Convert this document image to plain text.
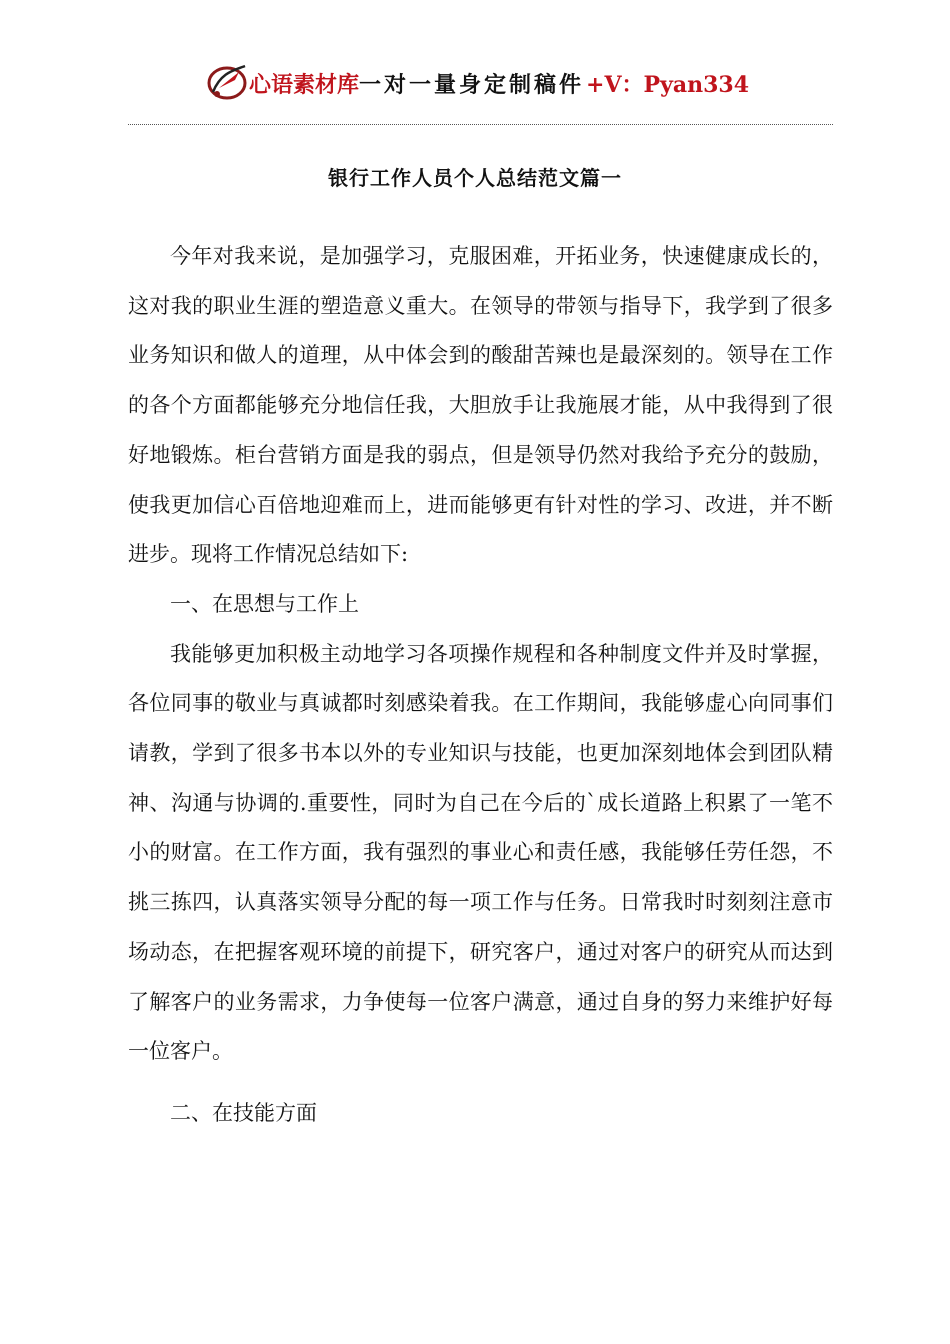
心语素材库 一对一量身定制稿件 +V：Pyan334
银行工作人员个人总结范文篇一

今年对我来说，是加强学习，克服困难，开拓业务，快速健康成长的，这对我的职业生涯的塑造意义重大。在领导的带领与指导下，我学到了很多业务知识和做人的道理，从中体会到的酸甜苦辣也是最深刻的。领导在工作的各个方面都能够充分地信任我，大胆放手让我施展才能，从中我得到了很好地锻炼。柜台营销方面是我的弱点，但是领导仍然对我给予充分的鼓励，使我更加信心百倍地迎难而上，进而能够更有针对性的学习、改进，并不断进步。现将工作情况总结如下:

一、在思想与工作上

我能够更加积极主动地学习各项操作规程和各种制度文件并及时掌握，各位同事的敬业与真诚都时刻感染着我。在工作期间，我能够虚心向同事们请教，学到了很多书本以外的专业知识与技能，也更加深刻地体会到团队精神、沟通与协调的.重要性，同时为自己在今后的`成长道路上积累了一笔不小的财富。在工作方面，我有强烈的事业心和责任感，我能够任劳任怨，不挑三拣四，认真落实领导分配的每一项工作与任务。日常我时时刻刻注意市场动态，在把握客观环境的前提下，研究客户，通过对客户的研究从而达到了解客户的业务需求，力争使每一位客户满意，通过自身的努力来维护好每一位客户。

二、在技能方面
